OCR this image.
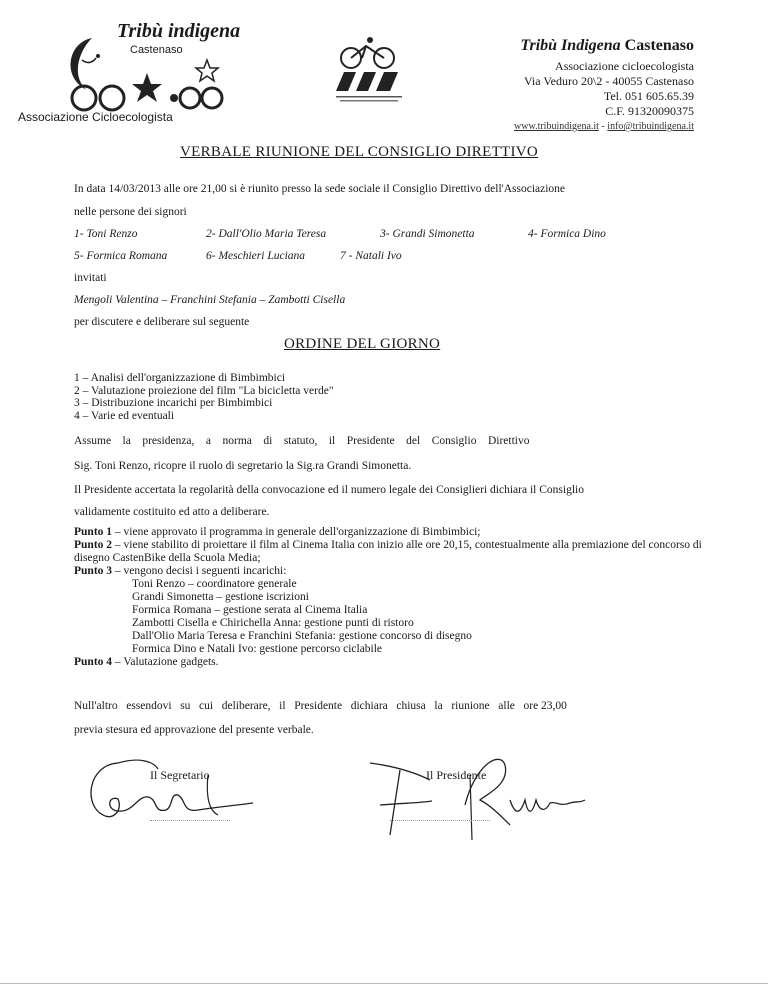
Tribù indigena
Castenaso
Associazione Cicloecologista
Tribù Indigena Castenaso
Associazione cicloecologista
Via Veduro 20\2 - 40055 Castenaso
Tel. 051 605.65.39
C.F. 91320090375
www.tribuindigena.it - info@tribuindigena.it
VERBALE RIUNIONE DEL CONSIGLIO DIRETTIVO
In data 14/03/2013 alle ore 21,00 si è riunito presso la sede sociale il Consiglio Direttivo dell'Associazione
nelle persone dei signori
1- Toni Renzo	2- Dall'Olio Maria Teresa	3- Grandi Simonetta	4- Formica Dino
5- Formica Romana	6- Meschieri Luciana	7 - Natali Ivo
invitati
Mengoli Valentina – Franchini Stefania – Zambotti Cisella
per discutere e deliberare sul seguente
ORDINE DEL GIORNO
1 – Analisi dell'organizzazione di Bimbimbici
2 – Valutazione proiezione del film "La bicicletta verde"
3 – Distribuzione incarichi per Bimbimbici
4 – Varie ed eventuali
Assume    la    presidenza,    a    norma    di    statuto,    il    Presidente    del    Consiglio    Direttivo
Sig. Toni Renzo, ricopre il ruolo di segretario la Sig.ra Grandi Simonetta.
Il Presidente accertata la regolarità della convocazione ed il numero legale dei Consiglieri dichiara il Consiglio
validamente costituito ed atto a deliberare.
Punto 1 – viene approvato il programma in generale dell'organizzazione di Bimbimbici;
Punto 2 – viene stabilito di proiettare il film al Cinema Italia con inizio alle ore 20,15, contestualmente alla premiazione del concorso di disegno CastenBike della Scuola Media;
Punto 3 – vengono decisi i seguenti incarichi:
Toni Renzo – coordinatore generale
Grandi Simonetta – gestione iscrizioni
Formica Romana – gestione serata al Cinema Italia
Zambotti Cisella e Chirichella Anna: gestione punti di ristoro
Dall'Olio Maria Teresa e Franchini Stefania: gestione concorso di disegno
Formica Dino e Natali Ivo: gestione percorso ciclabile
Punto 4 – Valutazione gadgets.
Null'altro   essendovi   su   cui   deliberare,   il   Presidente   dichiara   chiusa   la   riunione   alle   ore 23,00
previa stesura ed approvazione del presente verbale.
Il Segretario	Il Presidente
